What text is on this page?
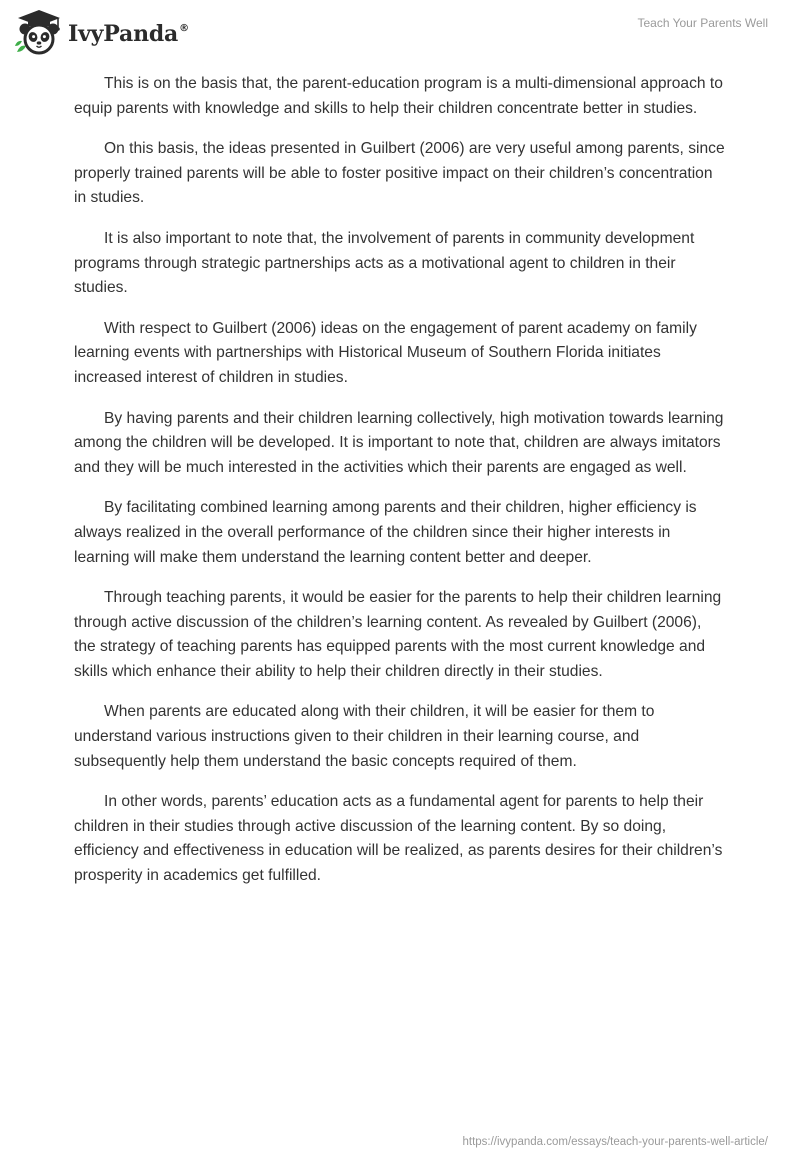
IvyPanda®	Teach Your Parents Well

This is on the basis that, the parent-education program is a multi-dimensional approach to equip parents with knowledge and skills to help their children concentrate better in studies.

On this basis, the ideas presented in Guilbert (2006) are very useful among parents, since properly trained parents will be able to foster positive impact on their children’s concentration in studies.

It is also important to note that, the involvement of parents in community development programs through strategic partnerships acts as a motivational agent to children in their studies.

With respect to Guilbert (2006) ideas on the engagement of parent academy on family learning events with partnerships with Historical Museum of Southern Florida initiates increased interest of children in studies.

By having parents and their children learning collectively, high motivation towards learning among the children will be developed. It is important to note that, children are always imitators and they will be much interested in the activities which their parents are engaged as well.

By facilitating combined learning among parents and their children, higher efficiency is always realized in the overall performance of the children since their higher interests in learning will make them understand the learning content better and deeper.

Through teaching parents, it would be easier for the parents to help their children learning through active discussion of the children’s learning content. As revealed by Guilbert (2006), the strategy of teaching parents has equipped parents with the most current knowledge and skills which enhance their ability to help their children directly in their studies.

When parents are educated along with their children, it will be easier for them to understand various instructions given to their children in their learning course, and subsequently help them understand the basic concepts required of them.

In other words, parents’ education acts as a fundamental agent for parents to help their children in their studies through active discussion of the learning content. By so doing, efficiency and effectiveness in education will be realized, as parents desires for their children’s prosperity in academics get fulfilled.

https://ivypanda.com/essays/teach-your-parents-well-article/
